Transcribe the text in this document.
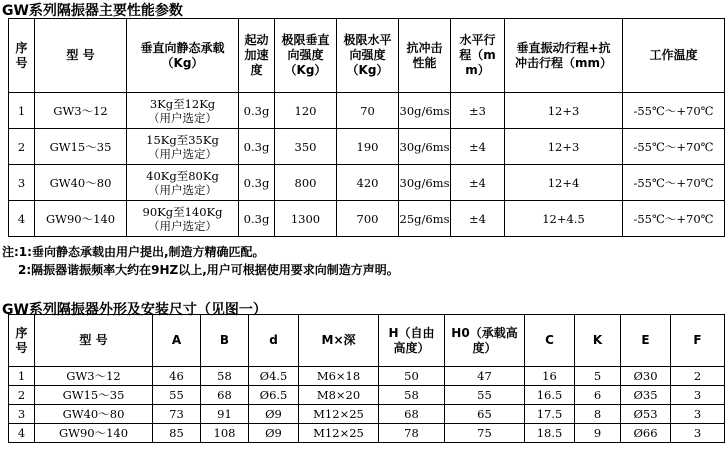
GW系列隔振器主要性能参数
序号	型 号	垂直向静态承载（Kg）	起动加速度	极限垂直向强度（Kg）	极限水平向强度（Kg）	抗冲击性能	水平行程（mm）	垂直振动行程+抗冲击行程（mm）	工作温度
1	GW3～12	3Kg至12Kg（用户选定）	0.3g	120	70	30g/6ms	±3	12+3	-55℃～+70℃
2	GW15～35	15Kg至35Kg（用户选定）	0.3g	350	190	30g/6ms	±4	12+3	-55℃～+70℃
3	GW40～80	40Kg至80Kg（用户选定）	0.3g	800	420	30g/6ms	±4	12+4	-55℃～+70℃
4	GW90～140	90Kg至140Kg（用户选定）	0.3g	1300	700	25g/6ms	±4	12+4.5	-55℃～+70℃
注:1:垂向静态承载由用户提出,制造方精确匹配。
2:隔振器谐振频率大约在9HZ以上,用户可根据使用要求向制造方声明。
GW系列隔振器外形及安装尺寸（见图一）
序号	型 号	A	B	d	M×深	H（自由高度）	H0（承载高度）	C	K	E	F
1	GW3～12	46	58	Ø4.5	M6×18	50	47	16	5	Ø30	2
2	GW15～35	55	68	Ø6.5	M8×20	58	55	16.5	6	Ø35	3
3	GW40～80	73	91	Ø9	M12×25	68	65	17.5	8	Ø53	3
4	GW90～140	85	108	Ø9	M12×25	78	75	18.5	9	Ø66	3
